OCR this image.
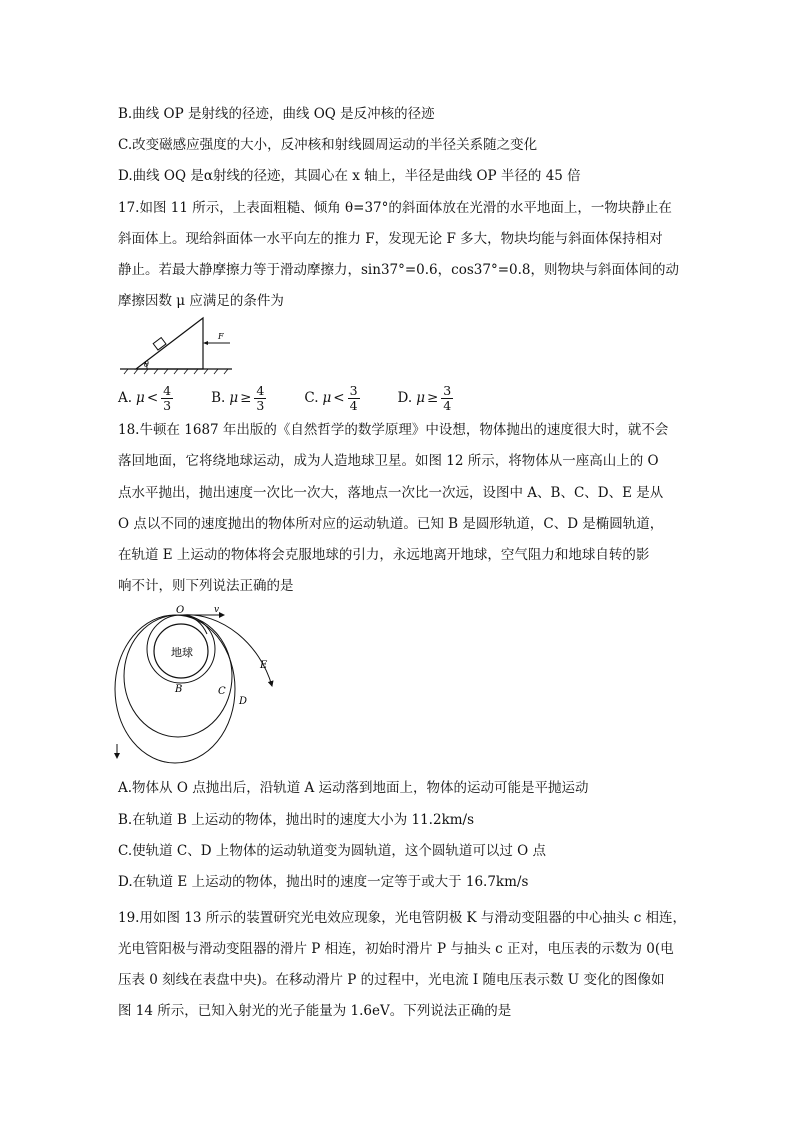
B.曲线 OP 是射线的径迹，曲线 OQ 是反冲核的径迹
C.改变磁感应强度的大小，反冲核和射线圆周运动的半径关系随之变化
D.曲线 OQ 是α射线的径迹，其圆心在 x 轴上，半径是曲线 OP 半径的 45 倍
17.如图 11 所示，上表面粗糙、倾角 θ=37°的斜面体放在光滑的水平地面上，一物块静止在
斜面体上。现给斜面体一水平向左的推力 F，发现无论 F 多大，物块均能与斜面体保持相对
静止。若最大静摩擦力等于滑动摩擦力，sin37°=0.6，cos37°=0.8，则物块与斜面体间的动
摩擦因数 μ 应满足的条件为
θ
F
A. $\mu < \frac{4}{3}$	B. $\mu \ge \frac{4}{3}$	C. $\mu < \frac{3}{4}$	D. $\mu \ge \frac{3}{4}$
18.牛顿在 1687 年出版的《自然哲学的数学原理》中设想，物体抛出的速度很大时，就不会
落回地面，它将绕地球运动，成为人造地球卫星。如图 12 所示，将物体从一座高山上的 O
点水平抛出，抛出速度一次比一次大，落地点一次比一次远，设图中 A、B、C、D、E 是从
O 点以不同的速度抛出的物体所对应的运动轨道。已知 B 是圆形轨道，C、D 是椭圆轨道，
在轨道 E 上运动的物体将会克服地球的引力，永远地离开地球，空气阻力和地球自转的影
响不计，则下列说法正确的是
地球
O	v
B	C
D
E
A.物体从 O 点抛出后，沿轨道 A 运动落到地面上，物体的运动可能是平抛运动
B.在轨道 B 上运动的物体，抛出时的速度大小为 11.2km/s
C.使轨道 C、D 上物体的运动轨道变为圆轨道，这个圆轨道可以过 O 点
D.在轨道 E 上运动的物体，抛出时的速度一定等于或大于 16.7km/s
19.用如图 13 所示的装置研究光电效应现象，光电管阴极 K 与滑动变阻器的中心抽头 c 相连，
光电管阳极与滑动变阻器的滑片 P 相连，初始时滑片 P 与抽头 c 正对，电压表的示数为 0(电
压表 0 刻线在表盘中央)。在移动滑片 P 的过程中，光电流 I 随电压表示数 U 变化的图像如
图 14 所示，已知入射光的光子能量为 1.6eV。下列说法正确的是
